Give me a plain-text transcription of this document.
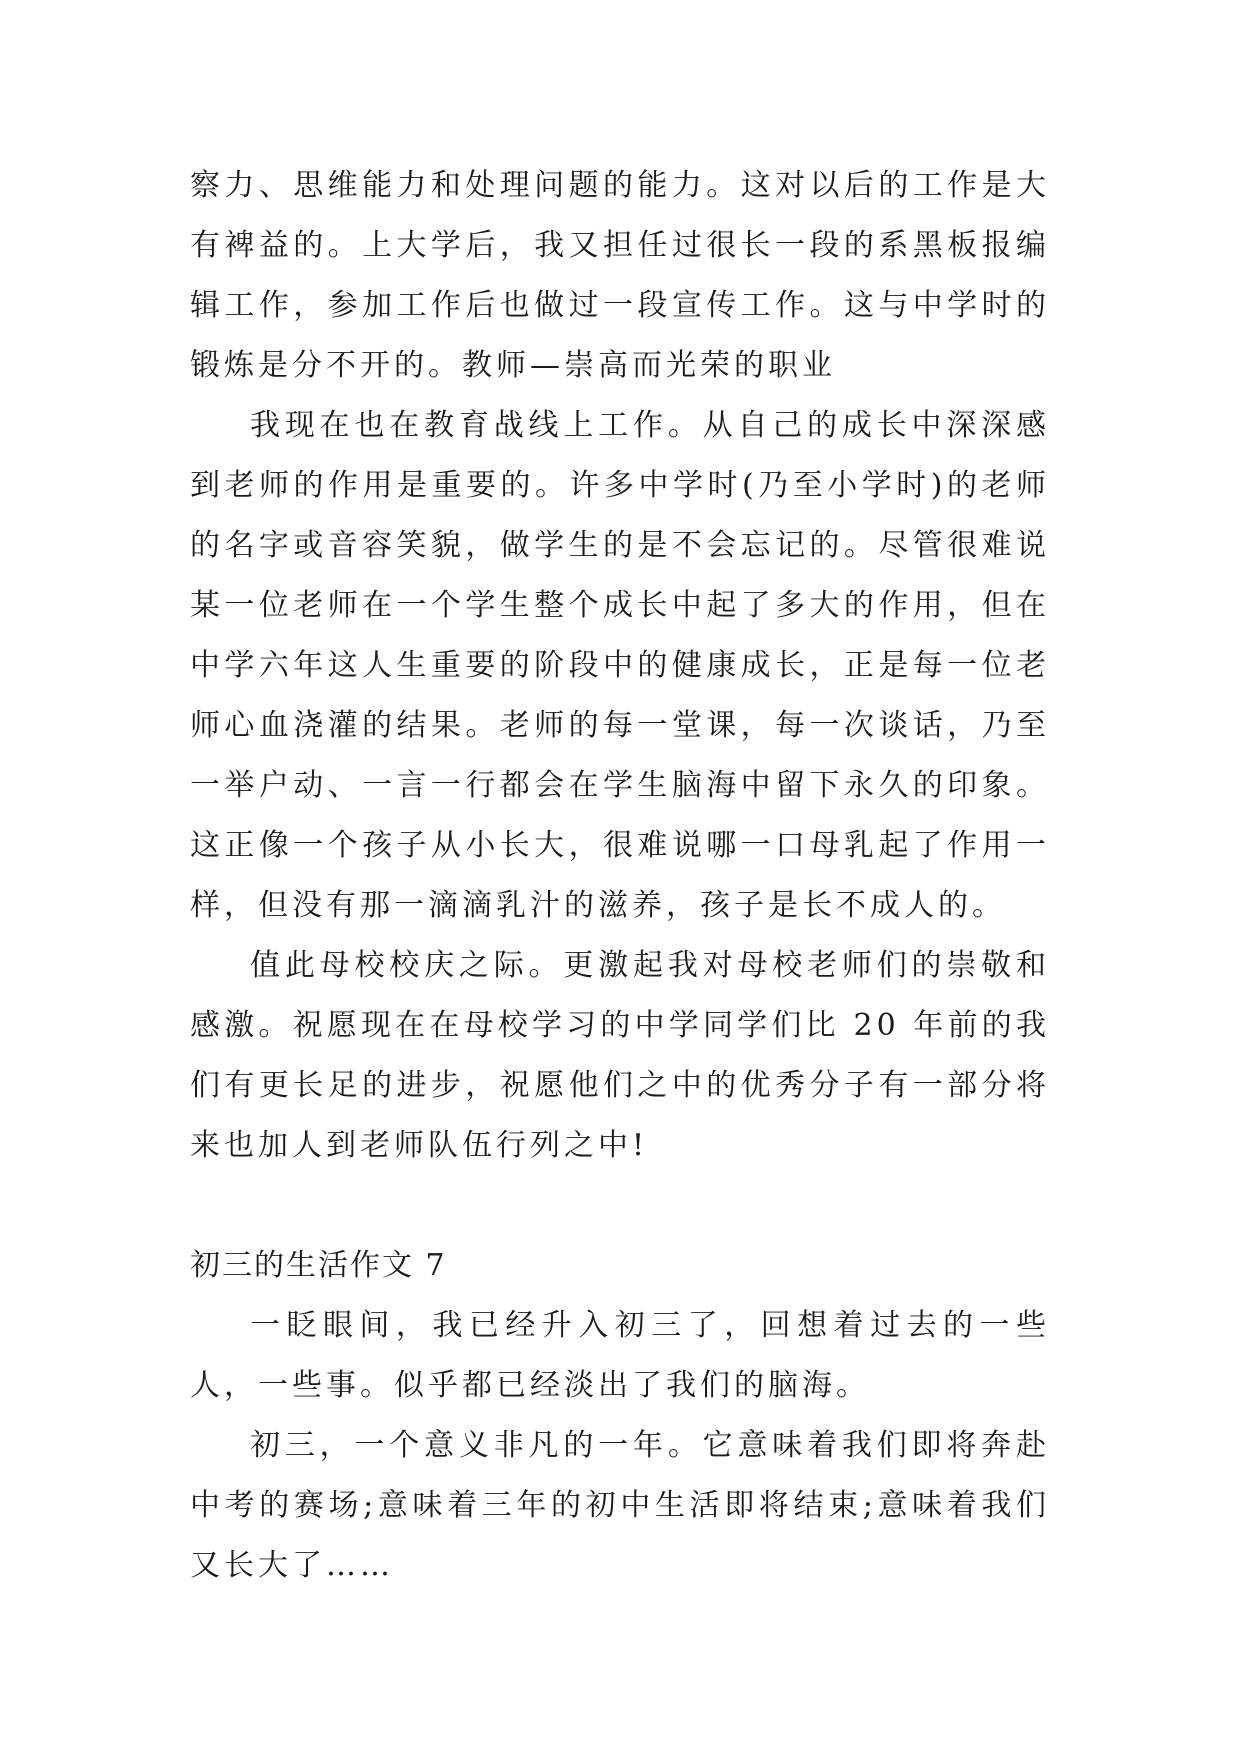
察力、思维能力和处理问题的能力。这对以后的工作是大有裨益的。上大学后，我又担任过很长一段的系黑板报编辑工作，参加工作后也做过一段宣传工作。这与中学时的锻炼是分不开的。教师—崇高而光荣的职业

我现在也在教育战线上工作。从自己的成长中深深感到老师的作用是重要的。许多中学时(乃至小学时)的老师的名字或音容笑貌，做学生的是不会忘记的。尽管很难说某一位老师在一个学生整个成长中起了多大的作用，但在中学六年这人生重要的阶段中的健康成长，正是每一位老师心血浇灌的结果。老师的每一堂课，每一次谈话，乃至一举户动、一言一行都会在学生脑海中留下永久的印象。这正像一个孩子从小长大，很难说哪一口母乳起了作用一样，但没有那一滴滴乳汁的滋养，孩子是长不成人的。

值此母校校庆之际。更激起我对母校老师们的崇敬和感激。祝愿现在在母校学习的中学同学们比 20 年前的我们有更长足的进步，祝愿他们之中的优秀分子有一部分将来也加人到老师队伍行列之中!

初三的生活作文 7

一眨眼间，我已经升入初三了，回想着过去的一些人，一些事。似乎都已经淡出了我们的脑海。

初三，一个意义非凡的一年。它意味着我们即将奔赴中考的赛场;意味着三年的初中生活即将结束;意味着我们又长大了……
